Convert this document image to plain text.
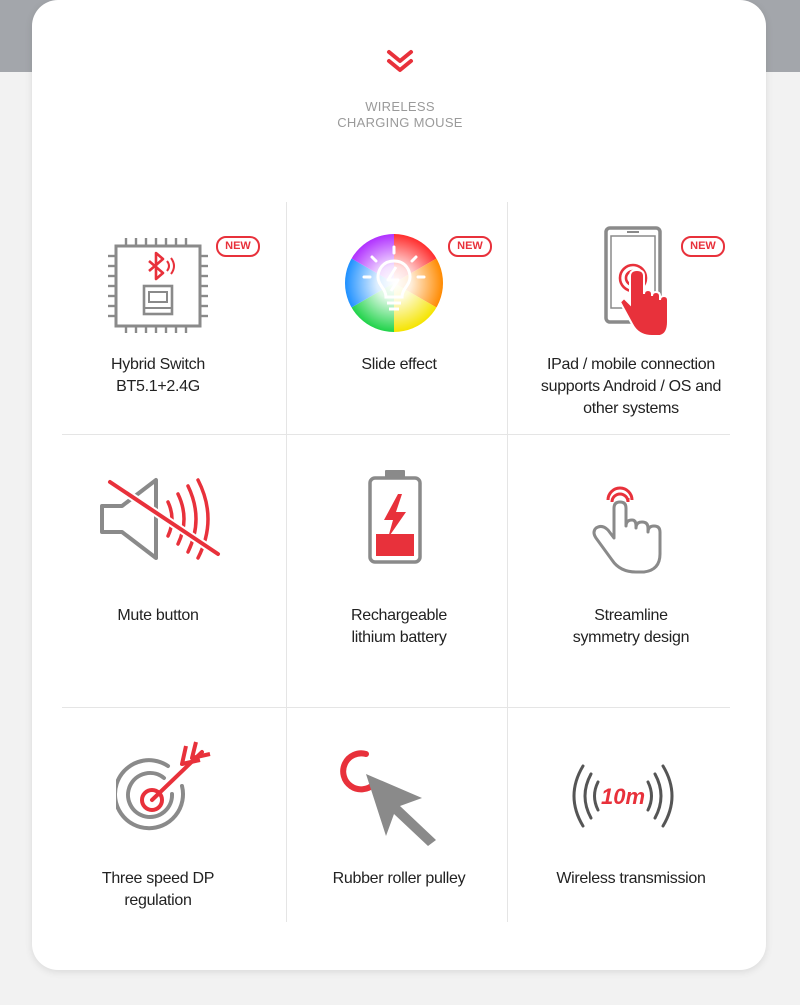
WIRELESS
CHARGING MOUSE
NEW
Hybrid Switch
BT5.1+2.4G
NEW
Slide effect
NEW
IPad / mobile connection
supports Android / OS and
other systems
Mute button	Rechargeable
lithium battery
Streamline
symmetry design
Three speed DP
regulation
Rubber roller pulley
10m
Wireless transmission
